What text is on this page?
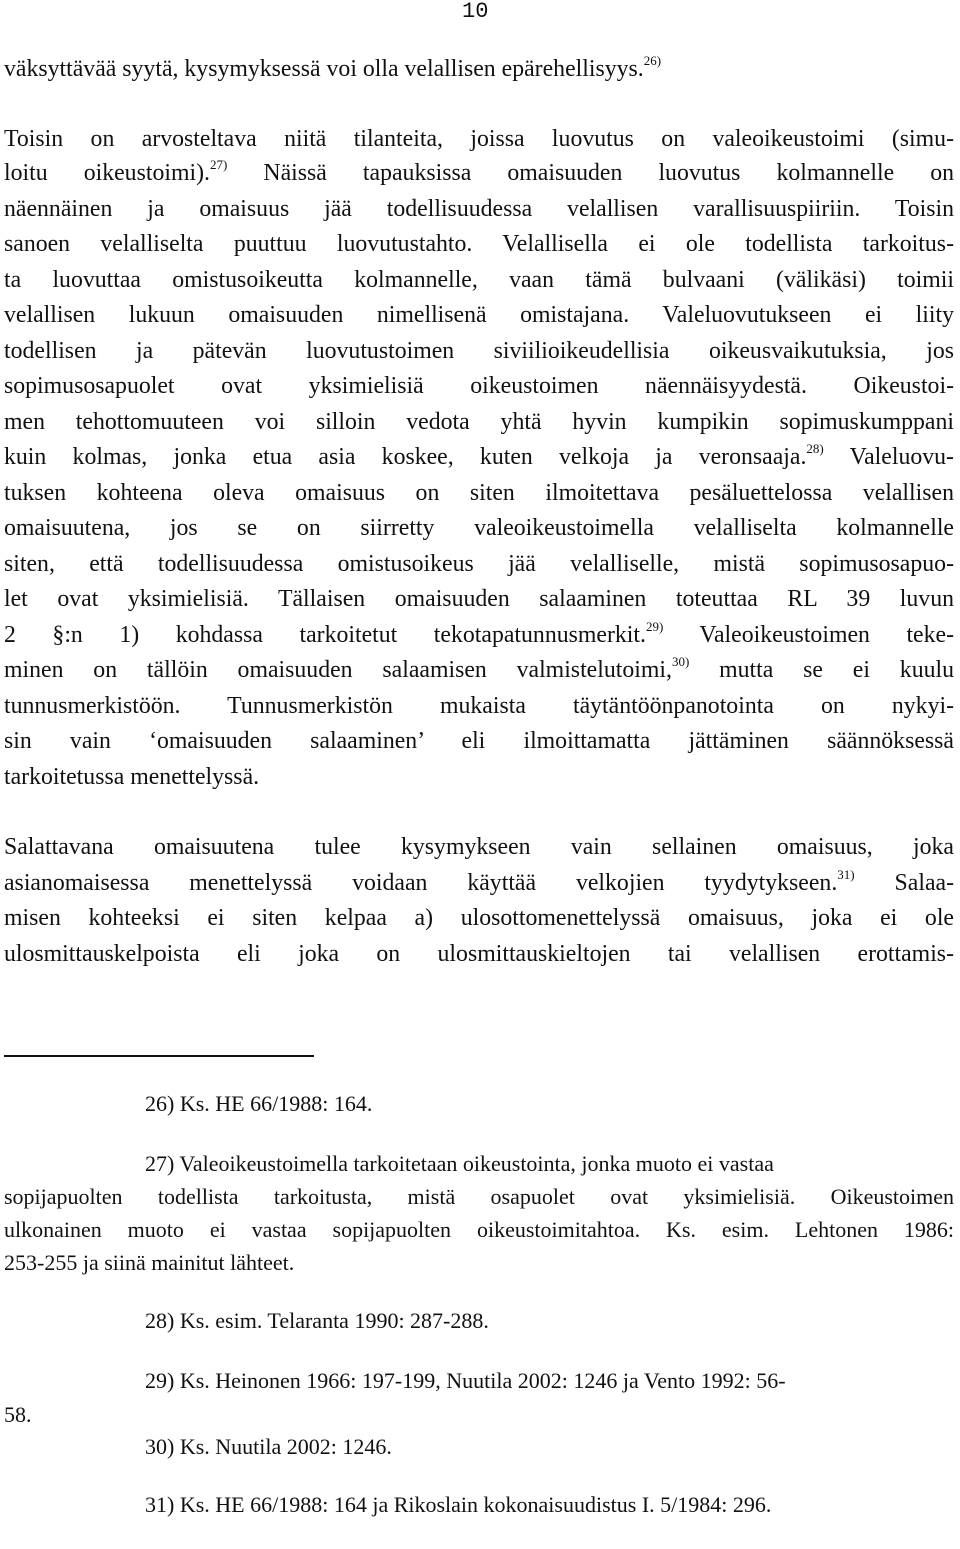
10
väksyttävää syytä, kysymyksessä voi olla velallisen epärehellisyys.$^{26)}$
Toisin on arvosteltava niitä tilanteita, joissa luovutus on valeoikeustoimi (simu-
loitu oikeustoimi).$^{27)}$ Näissä tapauksissa omaisuuden luovutus kolmannelle on
näennäinen ja omaisuus jää todellisuudessa velallisen varallisuuspiiriin. Toisin
sanoen velalliselta puuttuu luovutustahto. Velallisella ei ole todellista tarkoitus-
ta luovuttaa omistusoikeutta kolmannelle, vaan tämä bulvaani (välikäsi) toimii
velallisen lukuun omaisuuden nimellisenä omistajana. Valeluovutukseen ei liity
todellisen ja pätevän luovutustoimen siviilioikeudellisia oikeusvaikutuksia, jos
sopimusosapuolet ovat yksimielisiä oikeustoimen näennäisyydestä. Oikeustoi-
men tehottomuuteen voi silloin vedota yhtä hyvin kumpikin sopimuskumppani
kuin kolmas, jonka etua asia koskee, kuten velkoja ja veronsaaja.$^{28)}$ Valeluovu-
tuksen kohteena oleva omaisuus on siten ilmoitettava pesäluettelossa velallisen
omaisuutena, jos se on siirretty valeoikeustoimella velalliselta kolmannelle
siten, että todellisuudessa omistusoikeus jää velalliselle, mistä sopimusosapuo-
let ovat yksimielisiä. Tällaisen omaisuuden salaaminen toteuttaa RL 39 luvun
2 §:n 1) kohdassa tarkoitetut tekotapatunnusmerkit.$^{29)}$ Valeoikeustoimen teke-
minen on tällöin omaisuuden salaamisen valmistelutoimi,$^{30)}$ mutta se ei kuulu
tunnusmerkistöön. Tunnusmerkistön mukaista täytäntöönpanotointa on nykyi-
sin vain ‘omaisuuden salaaminen’ eli ilmoittamatta jättäminen säännöksessä
tarkoitetussa menettelyssä.
Salattavana omaisuutena tulee kysymykseen vain sellainen omaisuus, joka
asianomaisessa menettelyssä voidaan käyttää velkojien tyydytykseen.$^{31)}$ Salaa-
misen kohteeksi ei siten kelpaa a) ulosottomenettelyssä omaisuus, joka ei ole
ulosmittauskelpoista eli joka on ulosmittauskieltojen tai velallisen erottamis-
26) Ks. HE 66/1988: 164.
27) Valeoikeustoimella tarkoitetaan oikeustointa, jonka muoto ei vastaa
sopijapuolten todellista tarkoitusta, mistä osapuolet ovat yksimielisiä. Oikeustoimen
ulkonainen muoto ei vastaa sopijapuolten oikeustoimitahtoa. Ks. esim. Lehtonen 1986:
253-255 ja siinä mainitut lähteet.
28) Ks. esim. Telaranta 1990: 287-288.
29) Ks. Heinonen 1966: 197-199, Nuutila 2002: 1246 ja Vento 1992: 56-
58.
30) Ks. Nuutila 2002: 1246.
31) Ks. HE 66/1988: 164 ja Rikoslain kokonaisuudistus I. 5/1984: 296.
